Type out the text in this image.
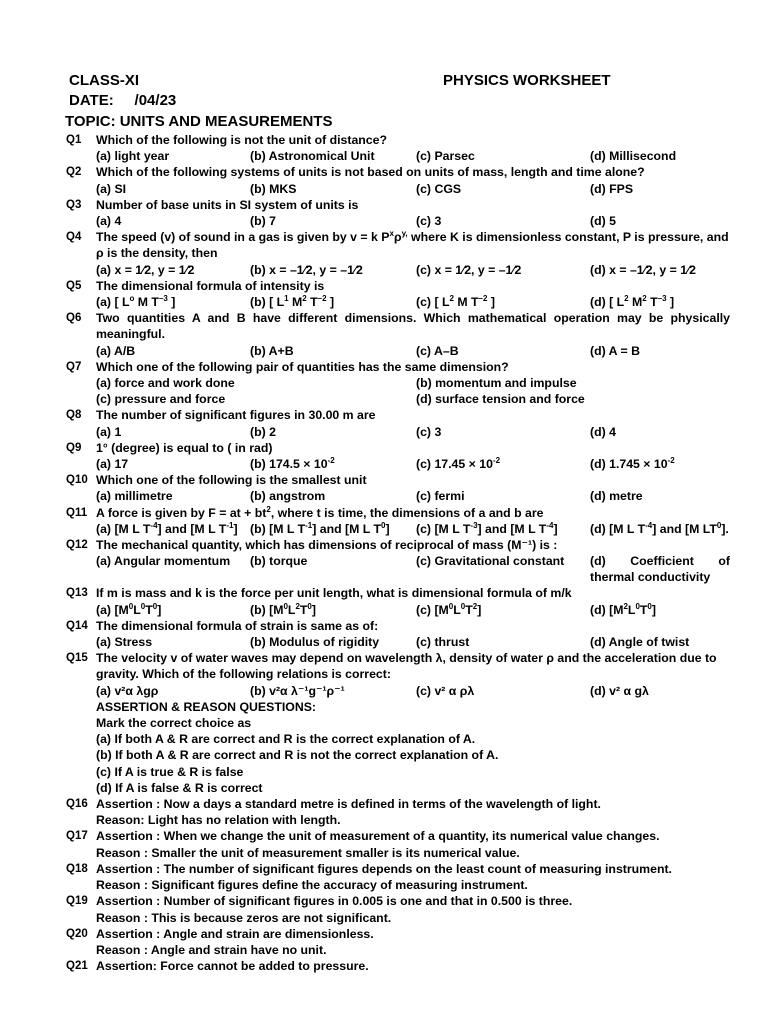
CLASS-XI	PHYSICS WORKSHEET
DATE:     /04/23
TOPIC: UNITS AND MEASUREMENTS
Q1 Which of the following is not the unit of distance?
(a) light year	(b) Astronomical Unit	(c) Parsec	(d) Millisecond
Q2 Which of the following systems of units is not based on units of mass, length and time alone?
(a) SI	(b) MKS	(c) CGS	(d) FPS
Q3 Number of base units in SI system of units is
(a) 4	(b) 7	(c) 3	(d) 5
Q4 The speed (v) of sound in a gas is given by v = k $P^x\rho^{y,}$ where K is dimensionless constant, P is pressure, and ρ is the density, then
(a) x = 1⁄2, y = 1⁄2	(b) x = –1⁄2, y = –1⁄2	(c) x = 1⁄2, y = –1⁄2	(d) x = –1⁄2, y = 1⁄2
Q5 The dimensional formula of intensity is
(a) [ $L^o$ M $T^{-3}$ ]	(b) [ $L^1$ $M^2$ $T^{-2}$ ]	(c) [ $L^2$ M $T^{-2}$ ]	(d) [ $L^2$ $M^2$ $T^{-3}$ ]
Q6 Two quantities A and B have different dimensions. Which mathematical operation may be physically meaningful.
(a) A/B	(b) A+B	(c) A–B	(d) A = B
Q7 Which one of the following pair of quantities has the same dimension?
(a) force and work done	(b) momentum and impulse
(c) pressure and force	(d) surface tension and force
Q8 The number of significant figures in 30.00 m are
(a) 1	(b) 2	(c) 3	(d) 4
Q9 1° (degree) is equal to ( in rad)
(a) 17	(b) $174.5 \times 10^{-2}$	(c) $17.45 \times 10^{-2}$	(d) $1.745 \times 10^{-2}$
Q10 Which one of the following is the smallest unit
(a) millimetre	(b) angstrom	(c) fermi	(d) metre
Q11 A force is given by F = at + $bt^2$, where t is time, the dimensions of a and b are
(a) [M L $T^{-4}$] and [M L $T^{-1}$] (b) [M L $T^{-1}$] and [M L $T^0$] (c) [M L $T^{-3}$] and [M L $T^{-4}$]	(d) [M L $T^{-4}$] and [M $LT^0$].
Q12 The mechanical quantity, which has dimensions of reciprocal of mass (M⁻¹) is :
(a) Angular momentum (b) torque	(c) Gravitational constant (d) Coefficient of thermal conductivity
Q13 If m is mass and k is the force per unit length, what is dimensional formula of m/k
(a) $[M^0L^0T^0]$	(b) $[M^0L^2T^0]$	(c) $[M^0L^0T^2]$	(d) $[M^2L^0T^0]$
Q14 The dimensional formula of strain is same as of:
(a) Stress	(b) Modulus of rigidity	(c) thrust	(d) Angle of twist
Q15 The velocity v of water waves may depend on wavelength λ, density of water ρ and the acceleration due to gravity. Which of the following relations is correct:
(a) v²α λgρ	(b) v²α λ⁻¹g⁻¹ρ⁻¹	(c) v² α ρλ	(d) v² α gλ
ASSERTION & REASON QUESTIONS:
Mark the correct choice as
(a) If both A & R are correct and R is the correct explanation of A.
(b) If both A & R are correct and R is not the correct explanation of A.
(c) If A is true & R is false
(d) If A is false & R is correct
Q16 Assertion : Now a days a standard metre is defined in terms of the wavelength of light.
Reason: Light has no relation with length.
Q17 Assertion : When we change the unit of measurement of a quantity, its numerical value changes.
Reason : Smaller the unit of measurement smaller is its numerical value.
Q18 Assertion : The number of significant figures depends on the least count of measuring instrument.
Reason : Significant figures define the accuracy of measuring instrument.
Q19 Assertion : Number of significant figures in 0.005 is one and that in 0.500 is three.
Reason : This is because zeros are not significant.
Q20 Assertion : Angle and strain are dimensionless.
Reason : Angle and strain have no unit.
Q21 Assertion: Force cannot be added to pressure.
